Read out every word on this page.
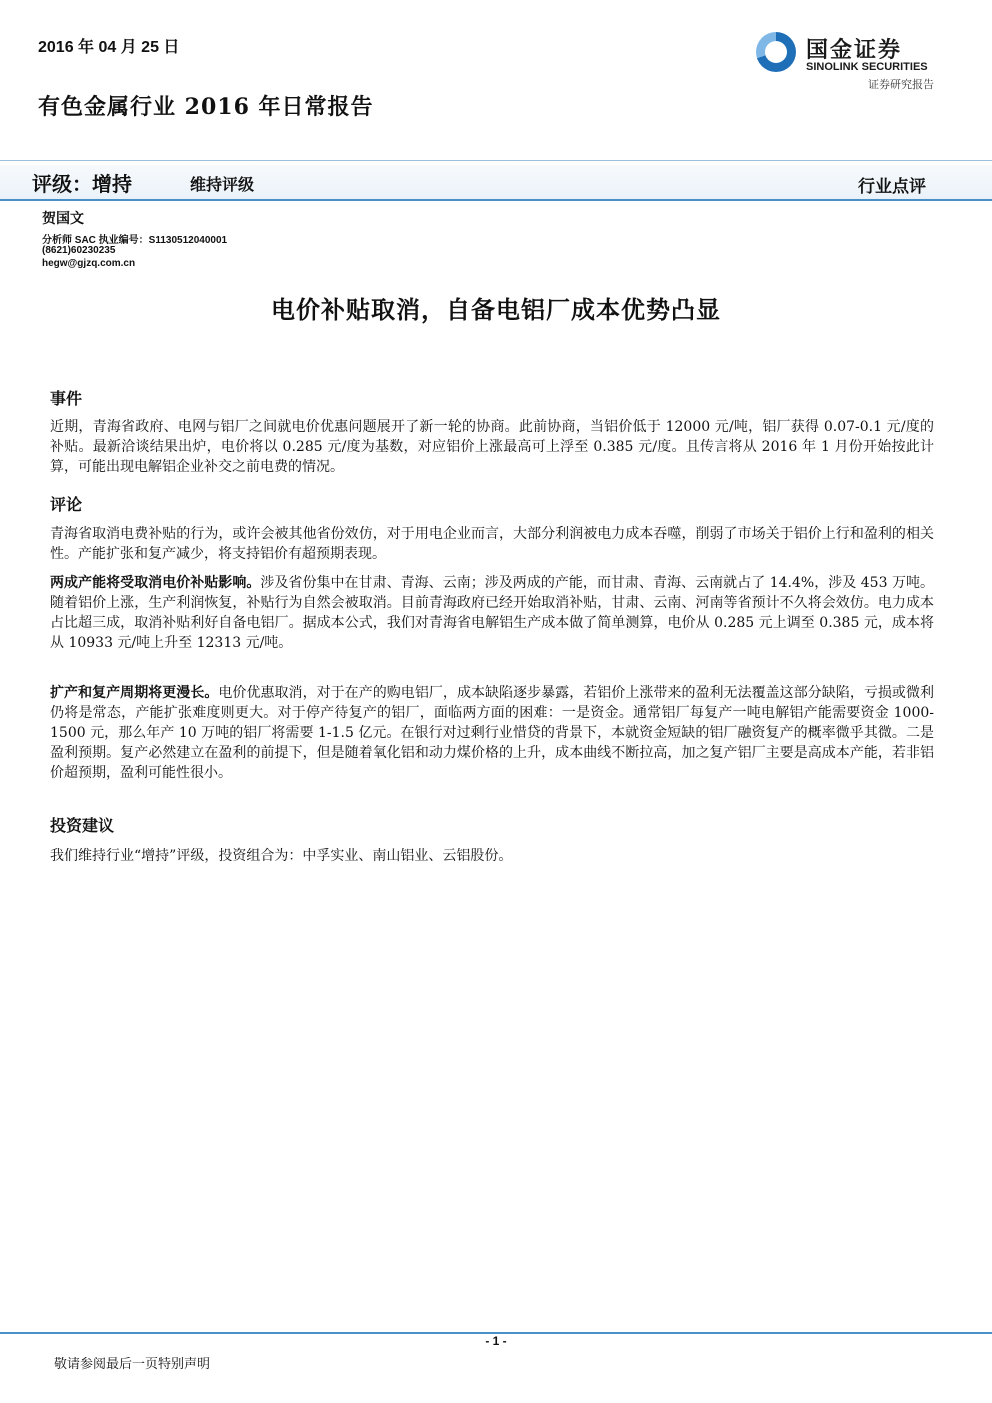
2016 年 04 月 25 日
有色金属行业 2016 年日常报告
国金证券
SINOLINK SECURITIES
证券研究报告
评级：增持	维持评级	行业点评
贺国文
分析师 SAC 执业编号：S1130512040001
(8621)60230235
hegw@gjzq.com.cn
电价补贴取消，自备电铝厂成本优势凸显
事件
近期，青海省政府、电网与铝厂之间就电价优惠问题展开了新一轮的协商。此前协商，当铝价低于 12000 元/吨，铝厂获得 0.07-0.1 元/度的补贴。最新洽谈结果出炉，电价将以 0.285 元/度为基数，对应铝价上涨最高可上浮至 0.385 元/度。且传言将从 2016 年 1 月份开始按此计算，可能出现电解铝企业补交之前电费的情况。
评论
青海省取消电费补贴的行为，或许会被其他省份效仿，对于用电企业而言，大部分利润被电力成本吞噬，削弱了市场关于铝价上行和盈利的相关性。产能扩张和复产减少，将支持铝价有超预期表现。
两成产能将受取消电价补贴影响。涉及省份集中在甘肃、青海、云南；涉及两成的产能，而甘肃、青海、云南就占了 14.4%，涉及 453 万吨。随着铝价上涨，生产利润恢复，补贴行为自然会被取消。目前青海政府已经开始取消补贴，甘肃、云南、河南等省预计不久将会效仿。电力成本占比超三成，取消补贴利好自备电铝厂。据成本公式，我们对青海省电解铝生产成本做了简单测算，电价从 0.285 元上调至 0.385 元，成本将从 10933 元/吨上升至 12313 元/吨。
扩产和复产周期将更漫长。电价优惠取消，对于在产的购电铝厂，成本缺陷逐步暴露，若铝价上涨带来的盈利无法覆盖这部分缺陷，亏损或微利仍将是常态，产能扩张难度则更大。对于停产待复产的铝厂，面临两方面的困难：一是资金。通常铝厂每复产一吨电解铝产能需要资金 1000-1500 元，那么年产 10 万吨的铝厂将需要 1-1.5 亿元。在银行对过剩行业惜贷的背景下，本就资金短缺的铝厂融资复产的概率微乎其微。二是盈利预期。复产必然建立在盈利的前提下，但是随着氧化铝和动力煤价格的上升，成本曲线不断拉高，加之复产铝厂主要是高成本产能，若非铝价超预期，盈利可能性很小。
投资建议
我们维持行业“增持”评级，投资组合为：中孚实业、南山铝业、云铝股份。
- 1 -
敬请参阅最后一页特别声明
